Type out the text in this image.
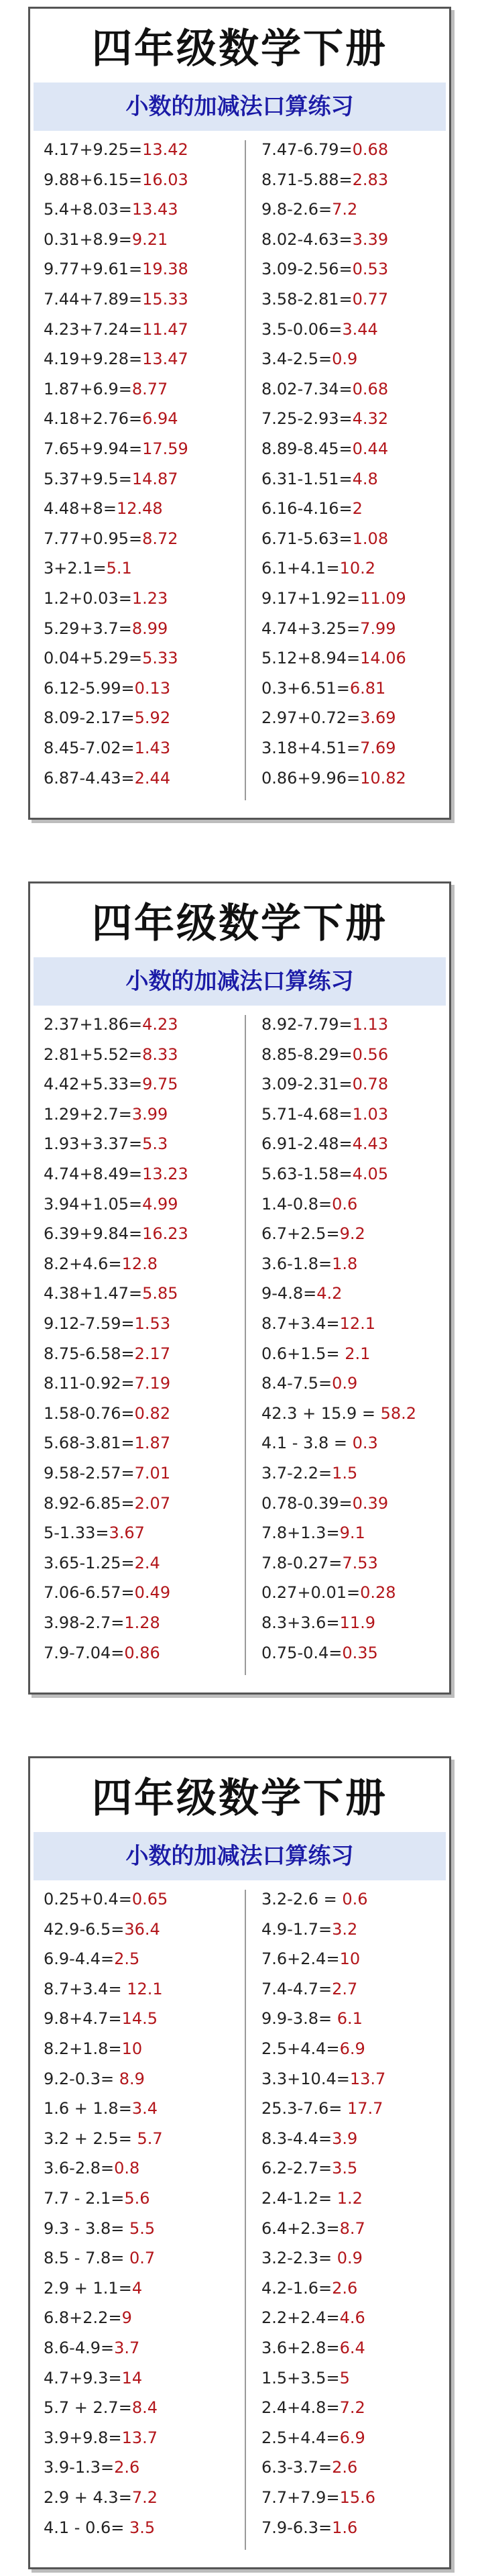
四年级数学下册
小数的加减法口算练习
4.17+9.25=13.42
9.88+6.15=16.03
5.4+8.03=13.43
0.31+8.9=9.21
9.77+9.61=19.38
7.44+7.89=15.33
4.23+7.24=11.47
4.19+9.28=13.47
1.87+6.9=8.77
4.18+2.76=6.94
7.65+9.94=17.59
5.37+9.5=14.87
4.48+8=12.48
7.77+0.95=8.72
3+2.1=5.1
1.2+0.03=1.23
5.29+3.7=8.99
0.04+5.29=5.33
6.12-5.99=0.13
8.09-2.17=5.92
8.45-7.02=1.43
6.87-4.43=2.44
7.47-6.79=0.68
8.71-5.88=2.83
9.8-2.6=7.2
8.02-4.63=3.39
3.09-2.56=0.53
3.58-2.81=0.77
3.5-0.06=3.44
3.4-2.5=0.9
8.02-7.34=0.68
7.25-2.93=4.32
8.89-8.45=0.44
6.31-1.51=4.8
6.16-4.16=2
6.71-5.63=1.08
6.1+4.1=10.2
9.17+1.92=11.09
4.74+3.25=7.99
5.12+8.94=14.06
0.3+6.51=6.81
2.97+0.72=3.69
3.18+4.51=7.69
0.86+9.96=10.82
四年级数学下册
小数的加减法口算练习
2.37+1.86=4.23
2.81+5.52=8.33
4.42+5.33=9.75
1.29+2.7=3.99
1.93+3.37=5.3
4.74+8.49=13.23
3.94+1.05=4.99
6.39+9.84=16.23
8.2+4.6=12.8
4.38+1.47=5.85
9.12-7.59=1.53
8.75-6.58=2.17
8.11-0.92=7.19
1.58-0.76=0.82
5.68-3.81=1.87
9.58-2.57=7.01
8.92-6.85=2.07
5-1.33=3.67
3.65-1.25=2.4
7.06-6.57=0.49
3.98-2.7=1.28
7.9-7.04=0.86
8.92-7.79=1.13
8.85-8.29=0.56
3.09-2.31=0.78
5.71-4.68=1.03
6.91-2.48=4.43
5.63-1.58=4.05
1.4-0.8=0.6
6.7+2.5=9.2
3.6-1.8=1.8
9-4.8=4.2
8.7+3.4=12.1
0.6+1.5= 2.1
8.4-7.5=0.9
42.3 + 15.9 = 58.2
4.1 - 3.8 = 0.3
3.7-2.2=1.5
0.78-0.39=0.39
7.8+1.3=9.1
7.8-0.27=7.53
0.27+0.01=0.28
8.3+3.6=11.9
0.75-0.4=0.35
四年级数学下册
小数的加减法口算练习
0.25+0.4=0.65
42.9-6.5=36.4
6.9-4.4=2.5
8.7+3.4= 12.1
9.8+4.7=14.5
8.2+1.8=10
9.2-0.3= 8.9
1.6 + 1.8=3.4
3.2 + 2.5= 5.7
3.6-2.8=0.8
7.7 - 2.1=5.6
9.3 - 3.8= 5.5
8.5 - 7.8= 0.7
2.9 + 1.1=4
6.8+2.2=9
8.6-4.9=3.7
4.7+9.3=14
5.7 + 2.7=8.4
3.9+9.8=13.7
3.9-1.3=2.6
2.9 + 4.3=7.2
4.1 - 0.6= 3.5
3.2-2.6 = 0.6
4.9-1.7=3.2
7.6+2.4=10
7.4-4.7=2.7
9.9-3.8= 6.1
2.5+4.4=6.9
3.3+10.4=13.7
25.3-7.6= 17.7
8.3-4.4=3.9
6.2-2.7=3.5
2.4-1.2= 1.2
6.4+2.3=8.7
3.2-2.3= 0.9
4.2-1.6=2.6
2.2+2.4=4.6
3.6+2.8=6.4
1.5+3.5=5
2.4+4.8=7.2
2.5+4.4=6.9
6.3-3.7=2.6
7.7+7.9=15.6
7.9-6.3=1.6
